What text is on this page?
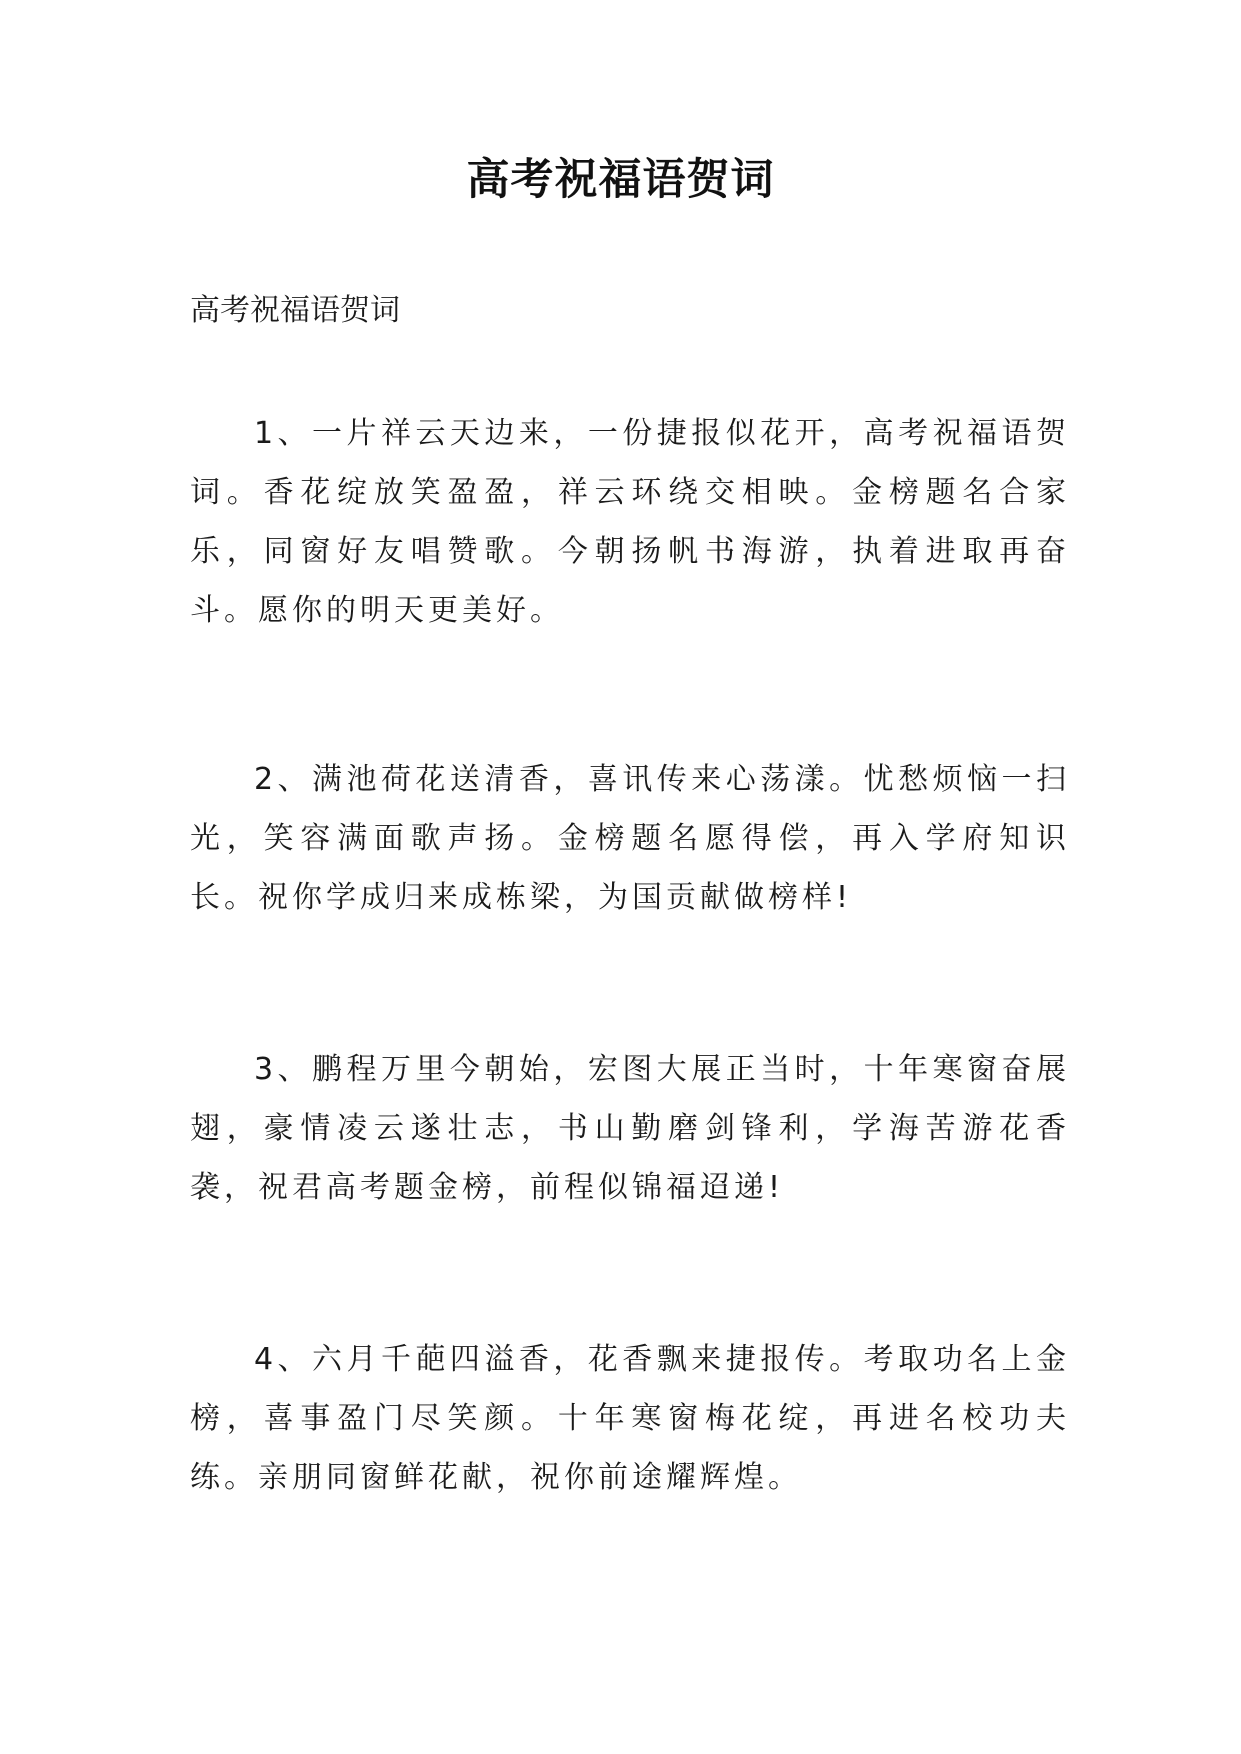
高考祝福语贺词

高考祝福语贺词

1、一片祥云天边来，一份捷报似花开，高考祝福语贺词。香花绽放笑盈盈，祥云环绕交相映。金榜题名合家乐，同窗好友唱赞歌。今朝扬帆书海游，执着进取再奋斗。愿你的明天更美好。

2、满池荷花送清香，喜讯传来心荡漾。忧愁烦恼一扫光，笑容满面歌声扬。金榜题名愿得偿，再入学府知识长。祝你学成归来成栋梁，为国贡献做榜样!

3、鹏程万里今朝始，宏图大展正当时，十年寒窗奋展翅，豪情凌云遂壮志，书山勤磨剑锋利，学海苦游花香袭，祝君高考题金榜，前程似锦福迢递!

4、六月千葩四溢香，花香飘来捷报传。考取功名上金榜，喜事盈门尽笑颜。十年寒窗梅花绽，再进名校功夫练。亲朋同窗鲜花献，祝你前途耀辉煌。
